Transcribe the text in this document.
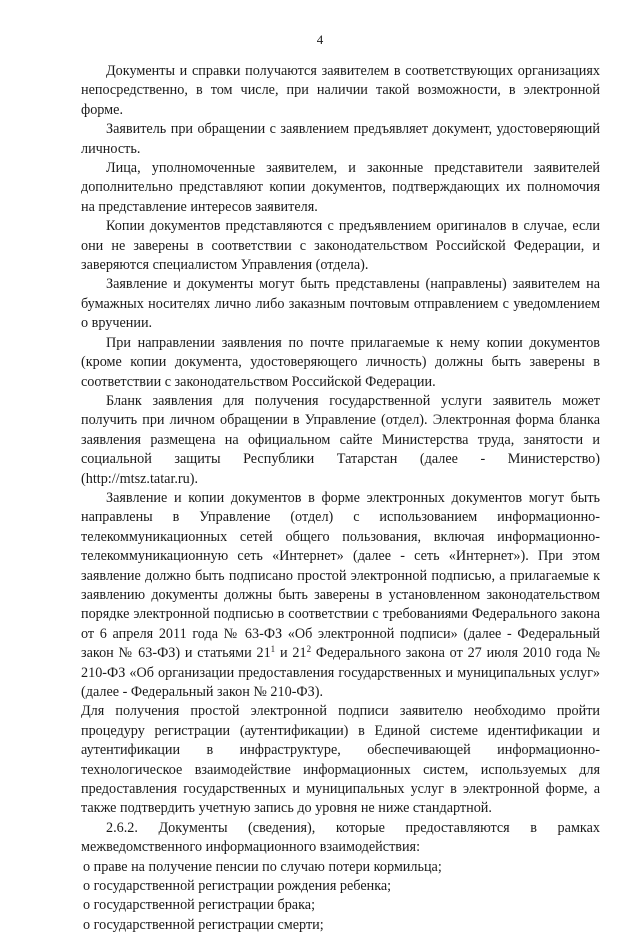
4

Документы и справки получаются заявителем в соответствующих организациях непосредственно, в том числе, при наличии такой возможности, в электронной форме.

Заявитель при обращении с заявлением предъявляет документ, удостоверяющий личность.

Лица, уполномоченные заявителем, и законные представители заявителей дополнительно представляют копии документов, подтверждающих их полномочия на представление интересов заявителя.

Копии документов представляются с предъявлением оригиналов в случае, если они не заверены в соответствии с законодательством Российской Федерации, и заверяются специалистом Управления (отдела).

Заявление и документы могут быть представлены (направлены) заявителем на бумажных носителях лично либо заказным почтовым отправлением с уведомлением о вручении.

При направлении заявления по почте прилагаемые к нему копии документов (кроме копии документа, удостоверяющего личность) должны быть заверены в соответствии с законодательством Российской Федерации.

Бланк заявления для получения государственной услуги заявитель может получить при личном обращении в Управление (отдел). Электронная форма бланка заявления размещена на официальном сайте Министерства труда, занятости и социальной защиты Республики Татарстан (далее - Министерство) (http://mtsz.tatar.ru).

Заявление и копии документов в форме электронных документов могут быть направлены в Управление (отдел) с использованием информационно-телекоммуникационных сетей общего пользования, включая информационно-телекоммуникационную сеть «Интернет» (далее - сеть «Интернет»). При этом заявление должно быть подписано простой электронной подписью, а прилагаемые к заявлению документы должны быть заверены в установленном законодательством порядке электронной подписью в соответствии с требованиями Федерального закона от 6 апреля 2011 года № 63-ФЗ «Об электронной подписи» (далее - Федеральный закон № 63-ФЗ) и статьями $21^1$ и $21^2$ Федерального закона от 27 июля 2010 года № 210-ФЗ «Об организации предоставления государственных и муниципальных услуг» (далее - Федеральный закон № 210-ФЗ).

Для получения простой электронной подписи заявителю необходимо пройти процедуру регистрации (аутентификации) в Единой системе идентификации и аутентификации в инфраструктуре, обеспечивающей информационно-технологическое взаимодействие информационных систем, используемых для предоставления государственных и муниципальных услуг в электронной форме, а также подтвердить учетную запись до уровня не ниже стандартной.

2.6.2. Документы (сведения), которые предоставляются в рамках межведомственного информационного взаимодействия:

о праве на получение пенсии по случаю потери кормильца;

о государственной регистрации рождения ребенка;

о государственной регистрации брака;

о государственной регистрации смерти;
